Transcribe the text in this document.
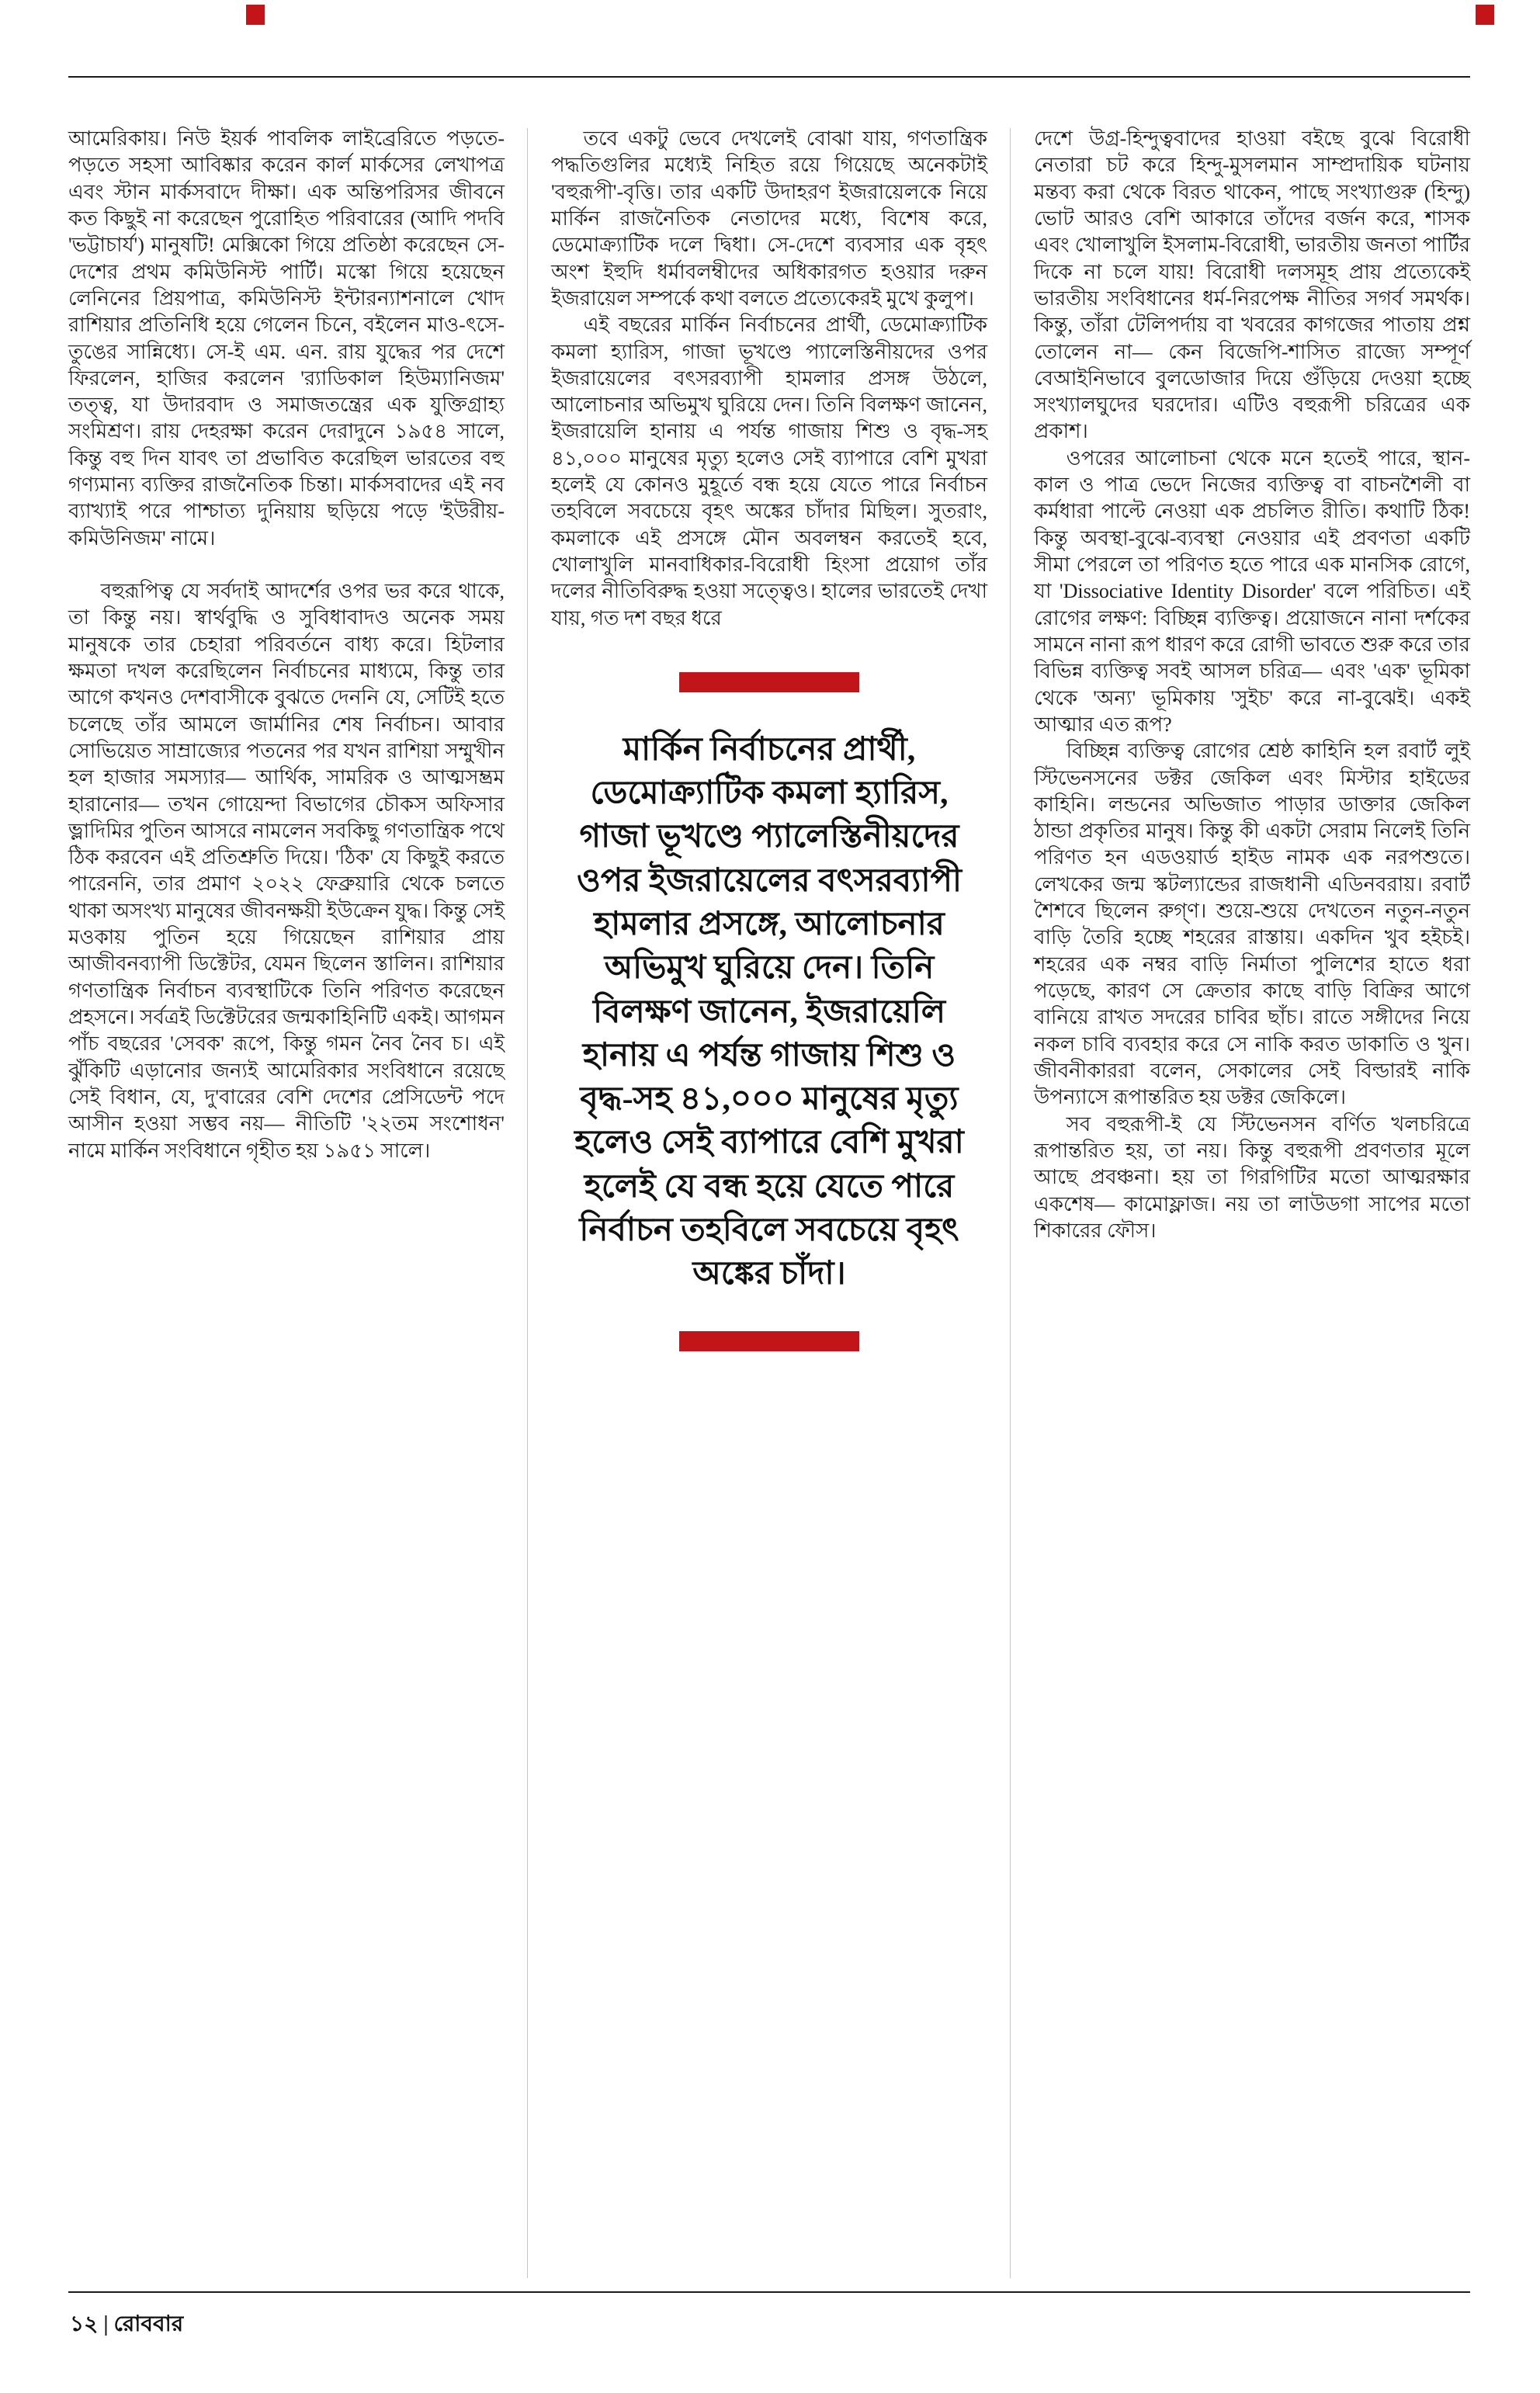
আমেরিকায়। নিউ ইয়র্ক পাবলিক লাইব্রেরিতে পড়তে-পড়তে সহসা আবিষ্কার করেন কার্ল মার্কসের লেখাপত্র এবং স্টান মার্কসবাদে দীক্ষা। এক অন্তিপরিসর জীবনে কত কিছুই না করেছেন পুরোহিত পরিবারের (আদি পদবি 'ভট্টাচার্য') মানুষটি! মেক্সিকো গিয়ে প্রতিষ্ঠা করেছেন সে-দেশের প্রথম কমিউনিস্ট পার্টি। মস্কো গিয়ে হয়েছেন লেনিনের প্রিয়পাত্র, কমিউনিস্ট ইন্টারন্যাশনালে খোদ রাশিয়ার প্রতিনিধি হয়ে গেলেন চিনে, বইলেন মাও-ৎসে-তুঙের সান্নিধ্যে। সে-ই এম. এন. রায় যুদ্ধের পর দেশে ফিরলেন, হাজির করলেন 'র‍্যাডিকাল হিউম্যানিজম' তত্ত্ব, যা উদারবাদ ও সমাজতন্ত্রের এক যুক্তিগ্রাহ্য সংমিশ্রণ। রায় দেহরক্ষা করেন দেরাদুনে ১৯৫৪ সালে, কিন্তু বহু দিন যাবৎ তা প্রভাবিত করেছিল ভারতের বহু গণ্যমান্য ব্যক্তির রাজনৈতিক চিন্তা। মার্কসবাদের এই নব ব্যাখ্যাই পরে পাশ্চাত্য দুনিয়ায় ছড়িয়ে পড়ে 'ইউরীয়-কমিউনিজম' নামে।

বহুরূপিত্ব যে সর্বদাই আদর্শের ওপর ভর করে থাকে, তা কিন্তু নয়। স্বার্থবুদ্ধি ও সুবিধাবাদও অনেক সময় মানুষকে তার চেহারা পরিবর্তনে বাধ্য করে। হিটলার ক্ষমতা দখল করেছিলেন নির্বাচনের মাধ্যমে, কিন্তু তার আগে কখনও দেশবাসীকে বুঝতে দেননি যে, সেটিই হতে চলেছে তাঁর আমলে জার্মানির শেষ নির্বাচন। আবার সোভিয়েত সাম্রাজ্যের পতনের পর যখন রাশিয়া সম্মুখীন হল হাজার সমস্যার— আর্থিক, সামরিক ও আত্মসম্ভ্রম হারানোর— তখন গোয়েন্দা বিভাগের চৌকস অফিসার ভ্লাদিমির পুতিন আসরে নামলেন সবকিছু গণতান্ত্রিক পথে ঠিক করবেন এই প্রতিশ্রুতি দিয়ে। 'ঠিক' যে কিছুই করতে পারেননি, তার প্রমাণ ২০২২ ফেব্রুয়ারি থেকে চলতে থাকা অসংখ্য মানুষের জীবনক্ষয়ী ইউক্রেন যুদ্ধ। কিন্তু সেই মওকায় পুতিন হয়ে গিয়েছেন রাশিয়ার প্রায় আজীবনব্যাপী ডিক্টেটর, যেমন ছিলেন স্তালিন। রাশিয়ার গণতান্ত্রিক নির্বাচন ব্যবস্থাটিকে তিনি পরিণত করেছেন প্রহসনে। সর্বত্রই ডিক্টেটরের জন্মকাহিনিটি একই। আগমন পাঁচ বছরের 'সেবক' রূপে, কিন্তু গমন নৈব নৈব চ। এই ঝুঁকিটি এড়ানোর জন্যই আমেরিকার সংবিধানে রয়েছে সেই বিধান, যে, দু'বারের বেশি দেশের প্রেসিডেন্ট পদে আসীন হওয়া সম্ভব নয়— নীতিটি '২২তম সংশোধন' নামে মার্কিন সংবিধানে গৃহীত হয় ১৯৫১ সালে।

তবে একটু ভেবে দেখলেই বোঝা যায়, গণতান্ত্রিক পদ্ধতিগুলির মধ্যেই নিহিত রয়ে গিয়েছে অনেকটাই 'বহুরূপী'-বৃত্তি। তার একটি উদাহরণ ইজরায়েলকে নিয়ে মার্কিন রাজনৈতিক নেতাদের মধ্যে, বিশেষ করে, ডেমোক্র্যাটিক দলে দ্বিধা। সে-দেশে ব্যবসার এক বৃহৎ অংশ ইহুদি ধর্মাবলম্বীদের অধিকারগত হওয়ার দরুন ইজরায়েল সম্পর্কে কথা বলতে প্রত্যেকেরই মুখে কুলুপ।

এই বছরের মার্কিন নির্বাচনের প্রার্থী, ডেমোক্র্যাটিক কমলা হ্যারিস, গাজা ভূখণ্ডে প্যালেস্তিনীয়দের ওপর ইজরায়েলের বৎসরব্যাপী হামলার প্রসঙ্গ উঠলে, আলোচনার অভিমুখ ঘুরিয়ে দেন। তিনি বিলক্ষণ জানেন, ইজরায়েলি হানায় এ পর্যন্ত গাজায় শিশু ও বৃদ্ধ-সহ ৪১,০০০ মানুষের মৃত্যু হলেও সেই ব্যাপারে বেশি মুখরা হলেই যে কোনও মুহূর্তে বন্ধ হয়ে যেতে পারে নির্বাচন তহবিলে সবচেয়ে বৃহৎ অঙ্কের চাঁদার মিছিল। সুতরাং, কমলাকে এই প্রসঙ্গে মৌন অবলম্বন করতেই হবে, খোলাখুলি মানবাধিকার-বিরোধী হিংসা প্রয়োগ তাঁর দলের নীতিবিরুদ্ধ হওয়া সত্ত্বেও। হালের ভারতেই দেখা যায়, গত দশ বছর ধরে

মার্কিন নির্বাচনের প্রার্থী, ডেমোক্র্যাটিক কমলা হ্যারিস, গাজা ভূখণ্ডে প্যালেস্তিনীয়দের ওপর ইজরায়েলের বৎসরব্যাপী হামলার প্রসঙ্গে, আলোচনার অভিমুখ ঘুরিয়ে দেন। তিনি বিলক্ষণ জানেন, ইজরায়েলি হানায় এ পর্যন্ত গাজায় শিশু ও বৃদ্ধ-সহ ৪১,০০০ মানুষের মৃত্যু হলেও সেই ব্যাপারে বেশি মুখরা হলেই যে বন্ধ হয়ে যেতে পারে নির্বাচন তহবিলে সবচেয়ে বৃহৎ অঙ্কের চাঁদা।

দেশে উগ্র-হিন্দুত্ববাদের হাওয়া বইছে বুঝে বিরোধী নেতারা চট করে হিন্দু-মুসলমান সাম্প্রদায়িক ঘটনায় মন্তব্য করা থেকে বিরত থাকেন, পাছে সংখ্যাগুরু (হিন্দু) ভোট আরও বেশি আকারে তাঁদের বর্জন করে, শাসক এবং খোলাখুলি ইসলাম-বিরোধী, ভারতীয় জনতা পার্টির দিকে না চলে যায়! বিরোধী দলসমূহ প্রায় প্রত্যেকেই ভারতীয় সংবিধানের ধর্ম-নিরপেক্ষ নীতির সগর্ব সমর্থক। কিন্তু, তাঁরা টেলিপর্দায় বা খবরের কাগজের পাতায় প্রশ্ন তোলেন না— কেন বিজেপি-শাসিত রাজ্যে সম্পূর্ণ বেআইনিভাবে বুলডোজার দিয়ে গুঁড়িয়ে দেওয়া হচ্ছে সংখ্যালঘুদের ঘরদোর। এটিও বহুরূপী চরিত্রের এক প্রকাশ।

ওপরের আলোচনা থেকে মনে হতেই পারে, স্থান-কাল ও পাত্র ভেদে নিজের ব্যক্তিত্ব বা বাচনশৈলী বা কর্মধারা পাল্টে নেওয়া এক প্রচলিত রীতি। কথাটি ঠিক! কিন্তু অবস্থা-বুঝে-ব্যবস্থা নেওয়ার এই প্রবণতা একটি সীমা পেরলে তা পরিণত হতে পারে এক মানসিক রোগে, যা 'Dissociative Identity Disorder' বলে পরিচিত। এই রোগের লক্ষণ: বিচ্ছিন্ন ব্যক্তিত্ব। প্রয়োজনে নানা দর্শকের সামনে নানা রূপ ধারণ করে রোগী ভাবতে শুরু করে তার বিভিন্ন ব্যক্তিত্ব সবই আসল চরিত্র— এবং 'এক' ভূমিকা থেকে 'অন্য' ভূমিকায় 'সুইচ' করে না-বুঝেই। একই আত্মার এত রূপ?

বিচ্ছিন্ন ব্যক্তিত্ব রোগের শ্রেষ্ঠ কাহিনি হল রবার্ট লুই স্টিভেনসনের ডক্টর জেকিল এবং মিস্টার হাইডের কাহিনি। লন্ডনের অভিজাত পাড়ার ডাক্তার জেকিল ঠান্ডা প্রকৃতির মানুষ। কিন্তু কী একটা সেরাম নিলেই তিনি পরিণত হন এডওয়ার্ড হাইড নামক এক নরপশুতে। লেখকের জন্ম স্কটল্যান্ডের রাজধানী এডিনবরায়। রবার্ট শৈশবে ছিলেন রুগ্ণ। শুয়ে-শুয়ে দেখতেন নতুন-নতুন বাড়ি তৈরি হচ্ছে শহরের রাস্তায়। একদিন খুব হইচই। শহরের এক নম্বর বাড়ি নির্মাতা পুলিশের হাতে ধরা পড়েছে, কারণ সে ক্রেতার কাছে বাড়ি বিক্রির আগে বানিয়ে রাখত সদরের চাবির ছাঁচ। রাতে সঙ্গীদের নিয়ে নকল চাবি ব্যবহার করে সে নাকি করত ডাকাতি ও খুন। জীবনীকাররা বলেন, সেকালের সেই বিল্ডারই নাকি উপন্যাসে রূপান্তরিত হয় ডক্টর জেকিলে।

সব বহুরূপী-ই যে স্টিভেনসন বর্ণিত খলচরিত্রে রূপান্তরিত হয়, তা নয়। কিন্তু বহুরূপী প্রবণতার মূলে আছে প্রবঞ্চনা। হয় তা গিরগিটির মতো আত্মরক্ষার একশেষ— কামোফ্লাজ। নয় তা লাউডগা সাপের মতো শিকারের ফৌস।

১২ | রোববার
